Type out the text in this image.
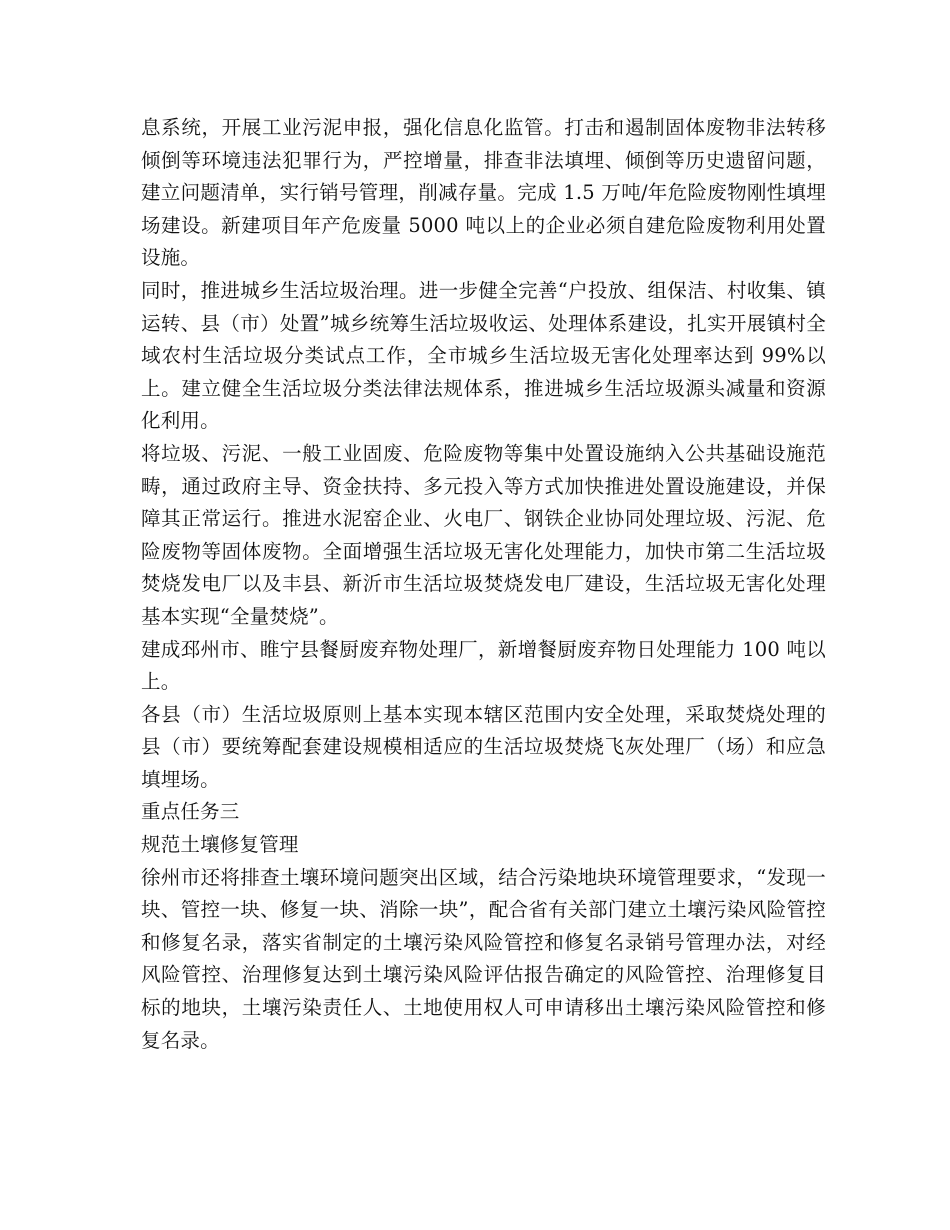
息系统，开展工业污泥申报，强化信息化监管。打击和遏制固体废物非法转移倾倒等环境违法犯罪行为，严控增量，排查非法填埋、倾倒等历史遗留问题，建立问题清单，实行销号管理，削减存量。完成 1.5 万吨/年危险废物刚性填埋场建设。新建项目年产危废量 5000 吨以上的企业必须自建危险废物利用处置设施。

同时，推进城乡生活垃圾治理。进一步健全完善“户投放、组保洁、村收集、镇运转、县（市）处置”城乡统筹生活垃圾收运、处理体系建设，扎实开展镇村全域农村生活垃圾分类试点工作，全市城乡生活垃圾无害化处理率达到 99%以上。建立健全生活垃圾分类法律法规体系，推进城乡生活垃圾源头减量和资源化利用。

将垃圾、污泥、一般工业固废、危险废物等集中处置设施纳入公共基础设施范畴，通过政府主导、资金扶持、多元投入等方式加快推进处置设施建设，并保障其正常运行。推进水泥窑企业、火电厂、钢铁企业协同处理垃圾、污泥、危险废物等固体废物。全面增强生活垃圾无害化处理能力，加快市第二生活垃圾焚烧发电厂以及丰县、新沂市生活垃圾焚烧发电厂建设，生活垃圾无害化处理基本实现“全量焚烧”。

建成邳州市、睢宁县餐厨废弃物处理厂，新增餐厨废弃物日处理能力 100 吨以上。

各县（市）生活垃圾原则上基本实现本辖区范围内安全处理，采取焚烧处理的县（市）要统筹配套建设规模相适应的生活垃圾焚烧飞灰处理厂（场）和应急填埋场。

重点任务三

规范土壤修复管理

徐州市还将排查土壤环境问题突出区域，结合污染地块环境管理要求，“发现一块、管控一块、修复一块、消除一块”，配合省有关部门建立土壤污染风险管控和修复名录，落实省制定的土壤污染风险管控和修复名录销号管理办法，对经风险管控、治理修复达到土壤污染风险评估报告确定的风险管控、治理修复目标的地块，土壤污染责任人、土地使用权人可申请移出土壤污染风险管控和修复名录。
